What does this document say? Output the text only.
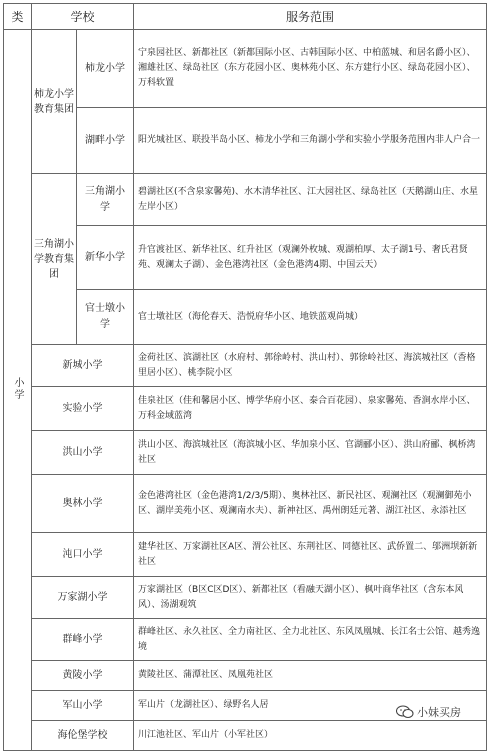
类	学校		服务范围
小学	柿龙小学教育集团	柿龙小学	宁泉园社区、新都社区（新都国际小区、古韩国际小区、中柏蓝城、和居名爵小区）、湘雄社区、绿岛社区（东方花园小区、奥林苑小区、东方建行小区、绿岛花园小区）、万科软置
		湖畔小学	阳光城社区、联投半岛小区、柿龙小学和三角湖小学和实验小学服务范围内非人户合一
	三角湖小学教育集团	三角湖小学	碧湖社区(不含泉家馨苑)、水木清华社区、江大园社区、绿岛社区（天鹅湖山庄、水星左岸小区）
		新华小学	升官渡社区、新华社区、红升社区（观澜外枚城、观湖柏厚、太子湖1号、奢氏君贤苑、观澜太子湖）、金色港湾社区（金色港湾4期、中国云天）
		官士墩小学	官士墩社区（海伦春天、浩悦府华小区、地铁蓝观尚城）
	新城小学		金荷社区、滨湖社区（水府村、郭徐岭村、洪山村）、郭徐岭社区、海滨城社区（香格里居小区）、桃李院小区
	实验小学		佳泉社区（佳和馨居小区、博学华府小区、泰合百花园）、泉家馨苑、香涧水岸小区、万科金域蓝湾
	洪山小学		洪山小区、海滨城社区（海滨城小区、华加泉小区、官湖郦小区）、洪山府郦、枫桥湾社区
	奥林小学		金色港湾社区（金色港湾1/2/3/5期）、奥林社区、新民社区、观澜社区（观澜御苑小区、湖岸美苑小区、观澜南水夫）、新神社区、禹州朗廷元著、湖江社区、永添社区
	沌口小学		建华社区、万家湖社区A区、渭公社区、东荆社区、同德社区、武侨置二、邬洲坝新新社区
	万家湖小学		万家湖社区（B区C区D区）、新都社区（看融天湖小区）、枫叶商华社区（含东本风风）、汤湖观筑
	群峰小学		群峰社区、永久社区、全力南社区、全力北社区、东风凤凰城、长江名士公馆、越秀逸境
	黄陵小学		黄陵社区、蒲潭社区、凤凰苑社区
	军山小学		军山片（龙湖社区）、绿野名人居
	海伦堡学校		川江池社区、军山片（小军社区）
小妹买房
